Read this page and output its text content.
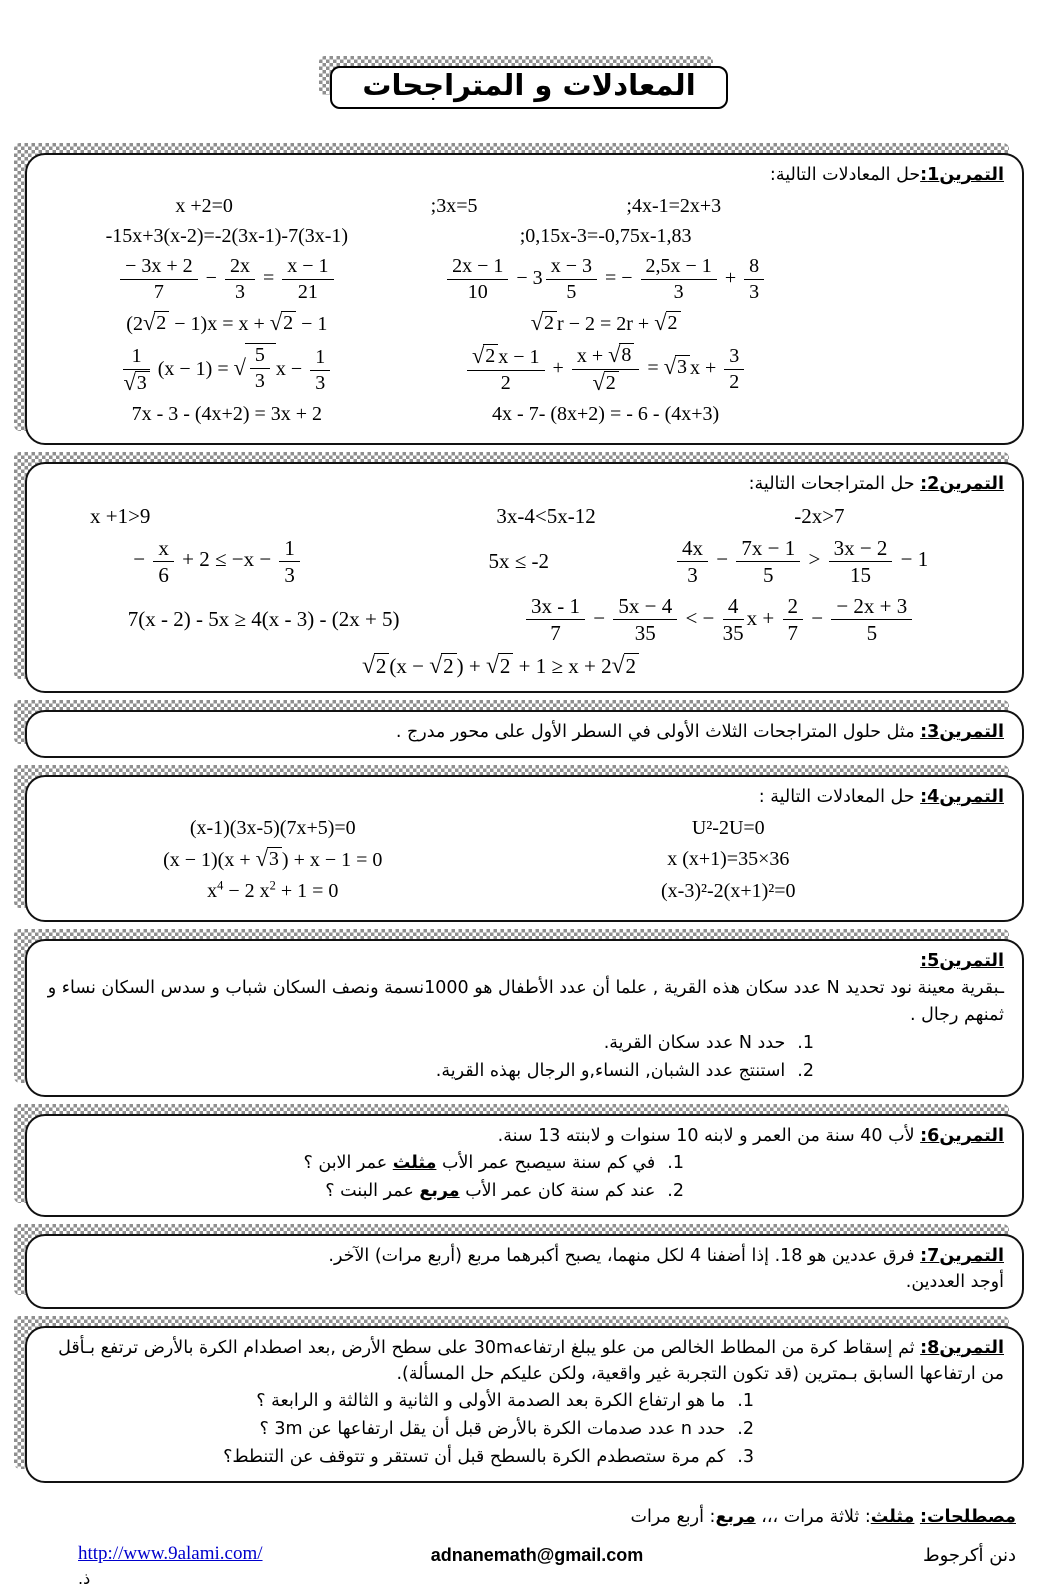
المعادلات و المتراجحات
التمرين1:حل المعادلات التالية:
x +2=0	;3x=5	;4x-1=2x+3
-15x+3(x-2)=-2(3x-1)-7(3x-1)	;0,15x-3=-0,75x-1,83
$\frac{- 3x + 2}{7} - \frac{2x}{3} = \frac{x - 1}{21}$	$\frac{2x - 1}{10} - 3 \frac{x - 3}{5}$ = − $\frac{2,5x - 1}{3} + \frac{8}{3}$
(2 √ 2 − 1)x = x + √ 2 − 1	√ 2 r − 2 = 2r + √ 2
$\frac{1}{√ 3} (x - 1)$ = √ $\frac{5}{3}$ $x - \frac{1}{3}$	$\frac{√ 2 x - 1}{2} + \frac{x + √ 8}{√ 2}$ = √ 3 $x + \frac{3}{2}$
7x - 3 - (4x+2) = 3x + 2	4x - 7- (8x+2) = - 6 - (4x+3)
التمرين2: حل المتراجحات التالية:
x +1>9	3x-4<5x-12	-2x>7
− $\frac{x}{6} + 2 \le -x - \frac{1}{3}$	5x ≤ -2	$\frac{4x}{3} - \frac{7x - 1}{5} > \frac{3x - 2}{15} - 1$
7(x - 2) - 5x ≥ 4(x - 3) - (2x + 5)	$\frac{3x - 1}{7} - \frac{5x - 4}{35}$ < − $\frac{4}{35}$ $x + \frac{2}{7} - \frac{- 2x + 3}{5}$
√ 2 (x − √ 2 ) + √ 2 + 1 ≥ x + 2 √ 2
التمرين3: مثل حلول المتراجحات الثلاث الأولى في السطر الأول على محور مدرج .
التمرين4: حل المعادلات التالية :
(x-1)(3x-5)(7x+5)=0	U²-2U=0
(x − 1)(x + √ 3 ) + x − 1 = 0	x (x+1)=35×36
$x^4 - 2$ $x^2 + 1 = 0$	(x-3)²-2(x+1)²=0
التمرين5:
ـبقرية معينة نود تحديد N عدد سكان هذه القرية , علما أن عدد الأطفال هو 1000نسمة ونصف السكان شباب و سدس السكان نساء و ثمنهم رجال .
1.حدد N عدد سكان القرية.
2.استنتج عدد الشبان, النساء,و الرجال بهذه القرية.
التمرين6: لأب 40 سنة من العمر و لابنه 10 سنوات و لابنته 13 سنة.
1.في كم سنة سيصبح عمر الأب مثلث عمر الابن ؟
2.عند كم سنة كان عمر الأب مربع عمر البنت ؟
التمرين7: فرق عددين هو 18. إذا أضفنا 4 لكل منهما، يصبح أكبرهما مربع (أربع مرات) الآخر.
أوجد العددين.
التمرين8: ثم إسقاط كرة من المطاط الخالص من علو يبلغ ارتفاعه30m على سطح الأرض ,بعد اصطدام الكرة بالأرض ترتفع بـأقل من ارتفاعها السابق بـمترين (قد تكون التجربة غير واقعية، ولكن عليكم حل المسألة).
1.ما هو ارتفاع الكرة بعد الصدمة الأولى و الثانية و الثالثة و الرابعة ؟
2.حدد n عدد صدمات الكرة بالأرض قبل أن يقل ارتفاعها عن 3m ؟
3.كم مرة ستصطدم الكرة بالسطح قبل أن تستقر و تتوقف عن التنطط؟
مصطلحات: مثلث: ثلاثة مرات ،،، مربع: أربع مرات
http://www.9alami.com/
ذ.
adnanemath@gmail.com	دنن أكرجوط
